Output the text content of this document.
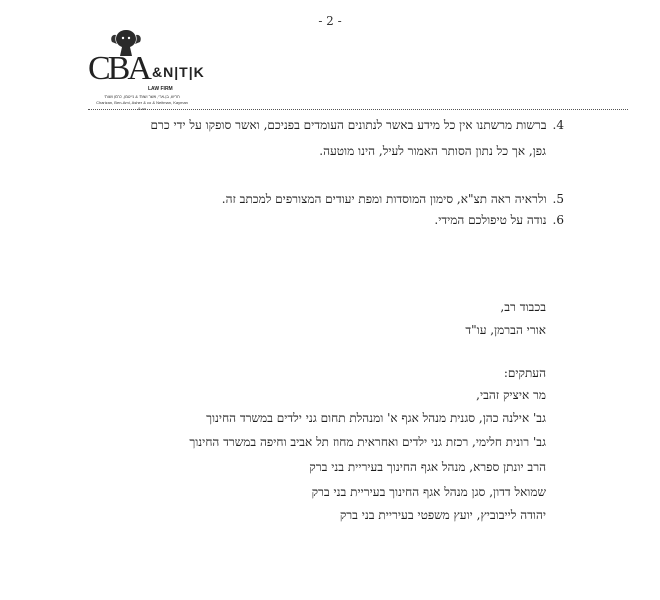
- 2 -
CBA &N|T|K
LAW FIRM
חריש, בן-ארי, אשר ושות' & נייטמן, כרמן ושות'
Charizan, Ben-Ami, Asher & co & Neitman, Kayman & co
4.ברשות מרשתנו אין כל מידע באשר לנתונים העומדים בפניכם, ואשר סופקו על ידי כרם
גפן, אך כל נתון הסותר האמור לעיל, הינו מוטעה.
5.ולראיה ראה תצ"א, סימון המוסדות ומפת יעודים המצורפים למכתב זה.
6.נודה על טיפולכם המידי.
בכבוד רב,
אורי הברמן, עו"ד
העתקים:
מר איציק זהבי,
גב' אילנה כהן, סגנית מנהל אגף א' ומנהלת תחום גני ילדים במשרד החינוך
גב' רונית חלימי, רכזת גני ילדים ואחראית מחוז תל אביב וחיפה במשרד החינוך
הרב יונתן ספרא, מנהל אגף החינוך בעיריית בני ברק
שמואל דדון, סגן מנהל אגף החינוך בעיריית בני ברק
יהודה לייבוביץ, יועץ משפטי בעיריית בני ברק
